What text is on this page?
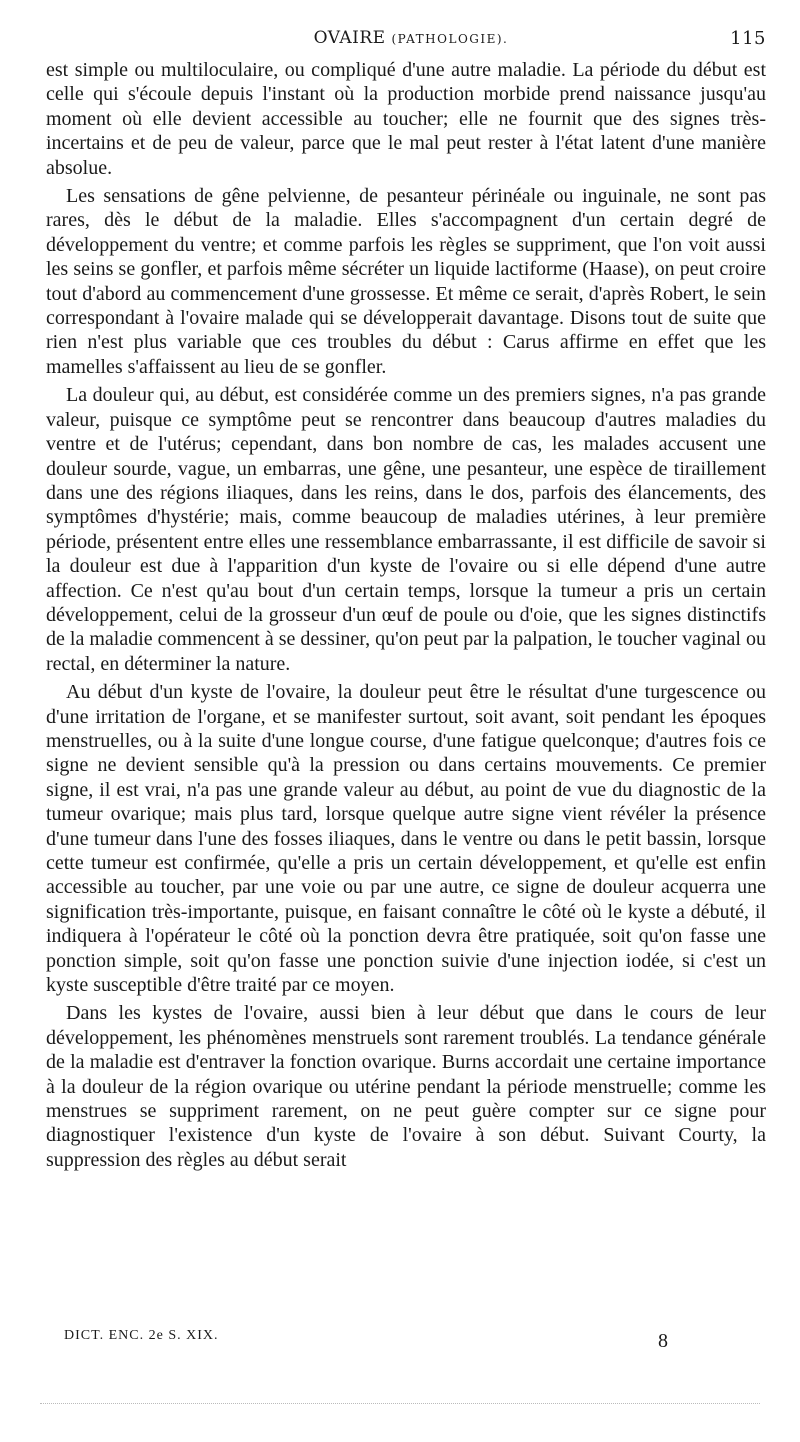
OVAIRE (PATHOLOGIE).	115

est simple ou multiloculaire, ou compliqué d'une autre maladie. La période du début est celle qui s'écoule depuis l'instant où la production morbide prend naissance jusqu'au moment où elle devient accessible au toucher; elle ne fournit que des signes très-incertains et de peu de valeur, parce que le mal peut rester à l'état latent d'une manière absolue.

Les sensations de gêne pelvienne, de pesanteur périnéale ou inguinale, ne sont pas rares, dès le début de la maladie. Elles s'accompagnent d'un certain degré de développement du ventre; et comme parfois les règles se suppriment, que l'on voit aussi les seins se gonfler, et parfois même sécréter un liquide lactiforme (Haase), on peut croire tout d'abord au commencement d'une grossesse. Et même ce serait, d'après Robert, le sein correspondant à l'ovaire malade qui se développerait davantage. Disons tout de suite que rien n'est plus variable que ces troubles du début : Carus affirme en effet que les mamelles s'affaissent au lieu de se gonfler.

La douleur qui, au début, est considérée comme un des premiers signes, n'a pas grande valeur, puisque ce symptôme peut se rencontrer dans beaucoup d'autres maladies du ventre et de l'utérus; cependant, dans bon nombre de cas, les malades accusent une douleur sourde, vague, un embarras, une gêne, une pesanteur, une espèce de tiraillement dans une des régions iliaques, dans les reins, dans le dos, parfois des élancements, des symptômes d'hystérie; mais, comme beaucoup de maladies utérines, à leur première période, présentent entre elles une ressemblance embarrassante, il est difficile de savoir si la douleur est due à l'apparition d'un kyste de l'ovaire ou si elle dépend d'une autre affection. Ce n'est qu'au bout d'un certain temps, lorsque la tumeur a pris un certain développement, celui de la grosseur d'un œuf de poule ou d'oie, que les signes distinctifs de la maladie commencent à se dessiner, qu'on peut par la palpation, le toucher vaginal ou rectal, en déterminer la nature.

Au début d'un kyste de l'ovaire, la douleur peut être le résultat d'une turgescence ou d'une irritation de l'organe, et se manifester surtout, soit avant, soit pendant les époques menstruelles, ou à la suite d'une longue course, d'une fatigue quelconque; d'autres fois ce signe ne devient sensible qu'à la pression ou dans certains mouvements. Ce premier signe, il est vrai, n'a pas une grande valeur au début, au point de vue du diagnostic de la tumeur ovarique; mais plus tard, lorsque quelque autre signe vient révéler la présence d'une tumeur dans l'une des fosses iliaques, dans le ventre ou dans le petit bassin, lorsque cette tumeur est confirmée, qu'elle a pris un certain développement, et qu'elle est enfin accessible au toucher, par une voie ou par une autre, ce signe de douleur acquerra une signification très-importante, puisque, en faisant connaître le côté où le kyste a débuté, il indiquera à l'opérateur le côté où la ponction devra être pratiquée, soit qu'on fasse une ponction simple, soit qu'on fasse une ponction suivie d'une injection iodée, si c'est un kyste susceptible d'être traité par ce moyen.

Dans les kystes de l'ovaire, aussi bien à leur début que dans le cours de leur développement, les phénomènes menstruels sont rarement troublés. La tendance générale de la maladie est d'entraver la fonction ovarique. Burns accordait une certaine importance à la douleur de la région ovarique ou utérine pendant la période menstruelle; comme les menstrues se suppriment rarement, on ne peut guère compter sur ce signe pour diagnostiquer l'existence d'un kyste de l'ovaire à son début. Suivant Courty, la suppression des règles au début serait

DICT. ENC. 2e S. XIX.	8
